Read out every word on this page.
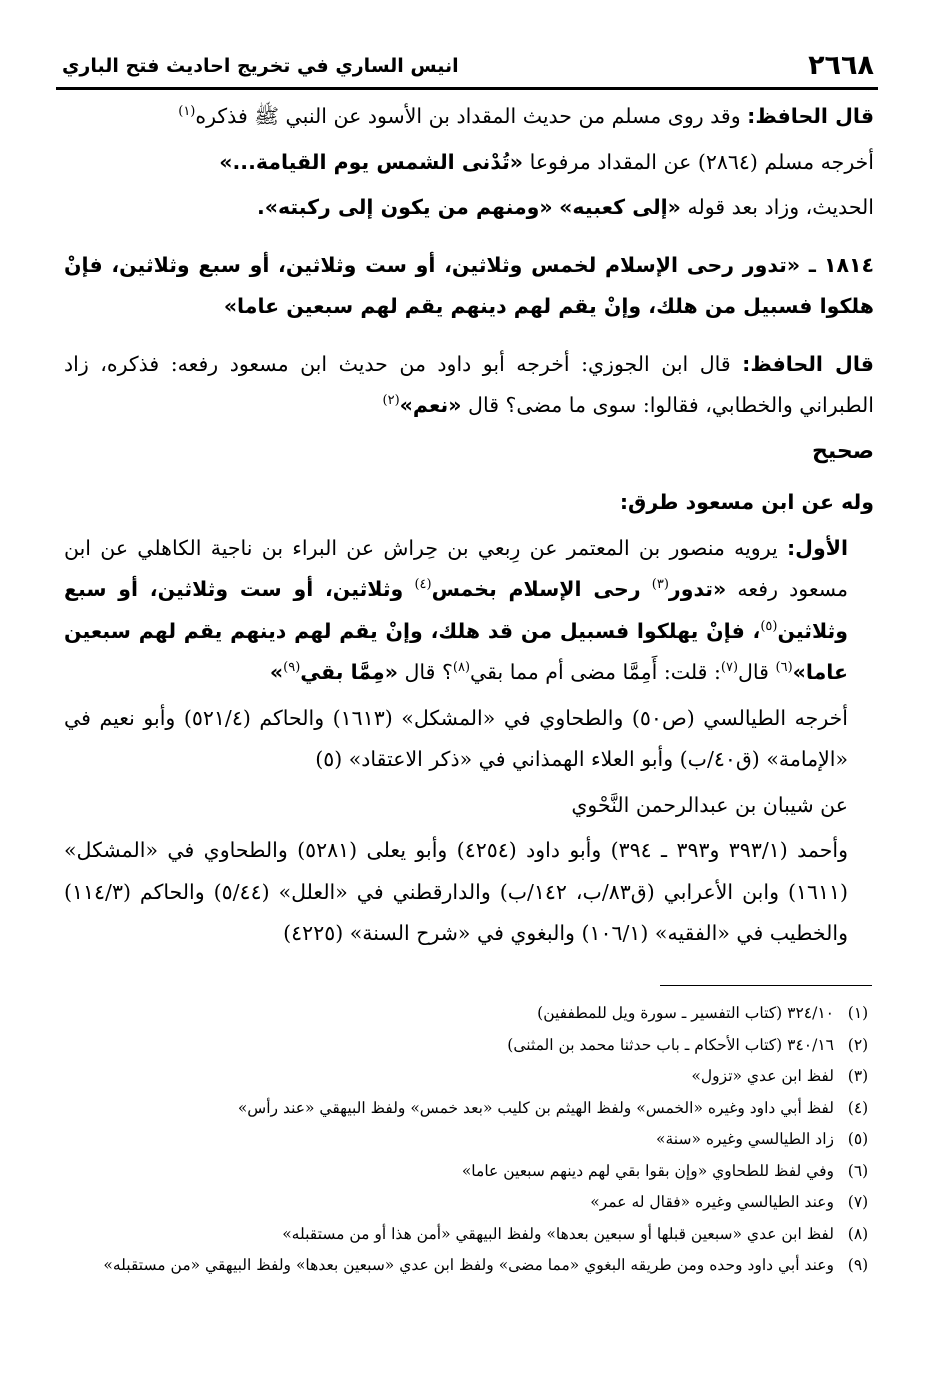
٢٦٦٨
انيس الساري في تخريج احاديث فتح الباري

قال الحافظ: وقد روى مسلم من حديث المقداد بن الأسود عن النبي ﷺ فذكره$^{(١)}$

أخرجه مسلم (٢٨٦٤) عن المقداد مرفوعا «تُدْنى الشمس يوم القيامة...»

الحديث، وزاد بعد قوله «إلى كعبيه» «ومنهم من يكون إلى ركبته».

١٨١٤ ـ «تدور رحى الإسلام لخمس وثلاثين، أو ست وثلاثين، أو سبع وثلاثين، فإنْ هلكوا فسبيل من هلك، وإنْ يقم لهم دينهم يقم لهم سبعين عاما»

قال الحافظ: قال ابن الجوزي: أخرجه أبو داود من حديث ابن مسعود رفعه: فذكره، زاد الطبراني والخطابي، فقالوا: سوى ما مضى؟ قال «نعم»$^{(٢)}$

صحيح

وله عن ابن مسعود طرق:

الأول: يرويه منصور بن المعتمر عن رِبعي بن حِراش عن البراء بن ناجية الكاهلي عن ابن مسعود رفعه «تدور$^{(٣)}$ رحى الإسلام بخمس$^{(٤)}$ وثلاثين، أو ست وثلاثين، أو سبع وثلاثين$^{(٥)}$، فإنْ يهلكوا فسبيل من قد هلك، وإنْ يقم لهم دينهم يقم لهم سبعين عاما»$^{(٦)}$ قال$^{(٧)}$: قلت: أَمِمَّا مضى أم مما بقي$^{(٨)}$؟ قال «مِمَّا بقي$^{(٩)}$»

أخرجه الطيالسي (ص٥٠) والطحاوي في «المشكل» (١٦١٣) والحاكم (٥٢١/٤) وأبو نعيم في «الإمامة» (ق٤٠/ب) وأبو العلاء الهمذاني في «ذكر الاعتقاد» (٥)

عن شيبان بن عبدالرحمن النَّحْوي

وأحمد (٣٩٣/١ و٣٩٣ ـ ٣٩٤) وأبو داود (٤٢٥٤) وأبو يعلى (٥٢٨١) والطحاوي في «المشكل» (١٦١١) وابن الأعرابي (ق٨٣/ب، ١٤٢/ب) والدارقطني في «العلل» (٥/٤٤) والحاكم (١١٤/٣) والخطيب في «الفقيه» (١٠٦/١) والبغوي في «شرح السنة» (٤٢٢٥)

(١)
٣٢٤/١٠ (كتاب التفسير ـ سورة ويل للمطففين)
(٢)
٣٤٠/١٦ (كتاب الأحكام ـ باب حدثنا محمد بن المثنى)
(٣)
لفظ ابن عدي «تزول»
(٤)
لفظ أبي داود وغيره «الخمس» ولفظ الهيثم بن كليب «بعد خمس» ولفظ البيهقي «عند رأس»
(٥)
زاد الطيالسي وغيره «سنة»
(٦)
وفي لفظ للطحاوي «وإن بقوا بقي لهم دينهم سبعين عاما»
(٧)
وعند الطيالسي وغيره «فقال له عمر»
(٨)
لفظ ابن عدي «سبعين قبلها أو سبعين بعدها» ولفظ البيهقي «أمن هذا أو من مستقبله»
(٩)
وعند أبي داود وحده ومن طريقه البغوي «مما مضى» ولفظ ابن عدي «سبعين بعدها» ولفظ البيهقي «من مستقبله»
